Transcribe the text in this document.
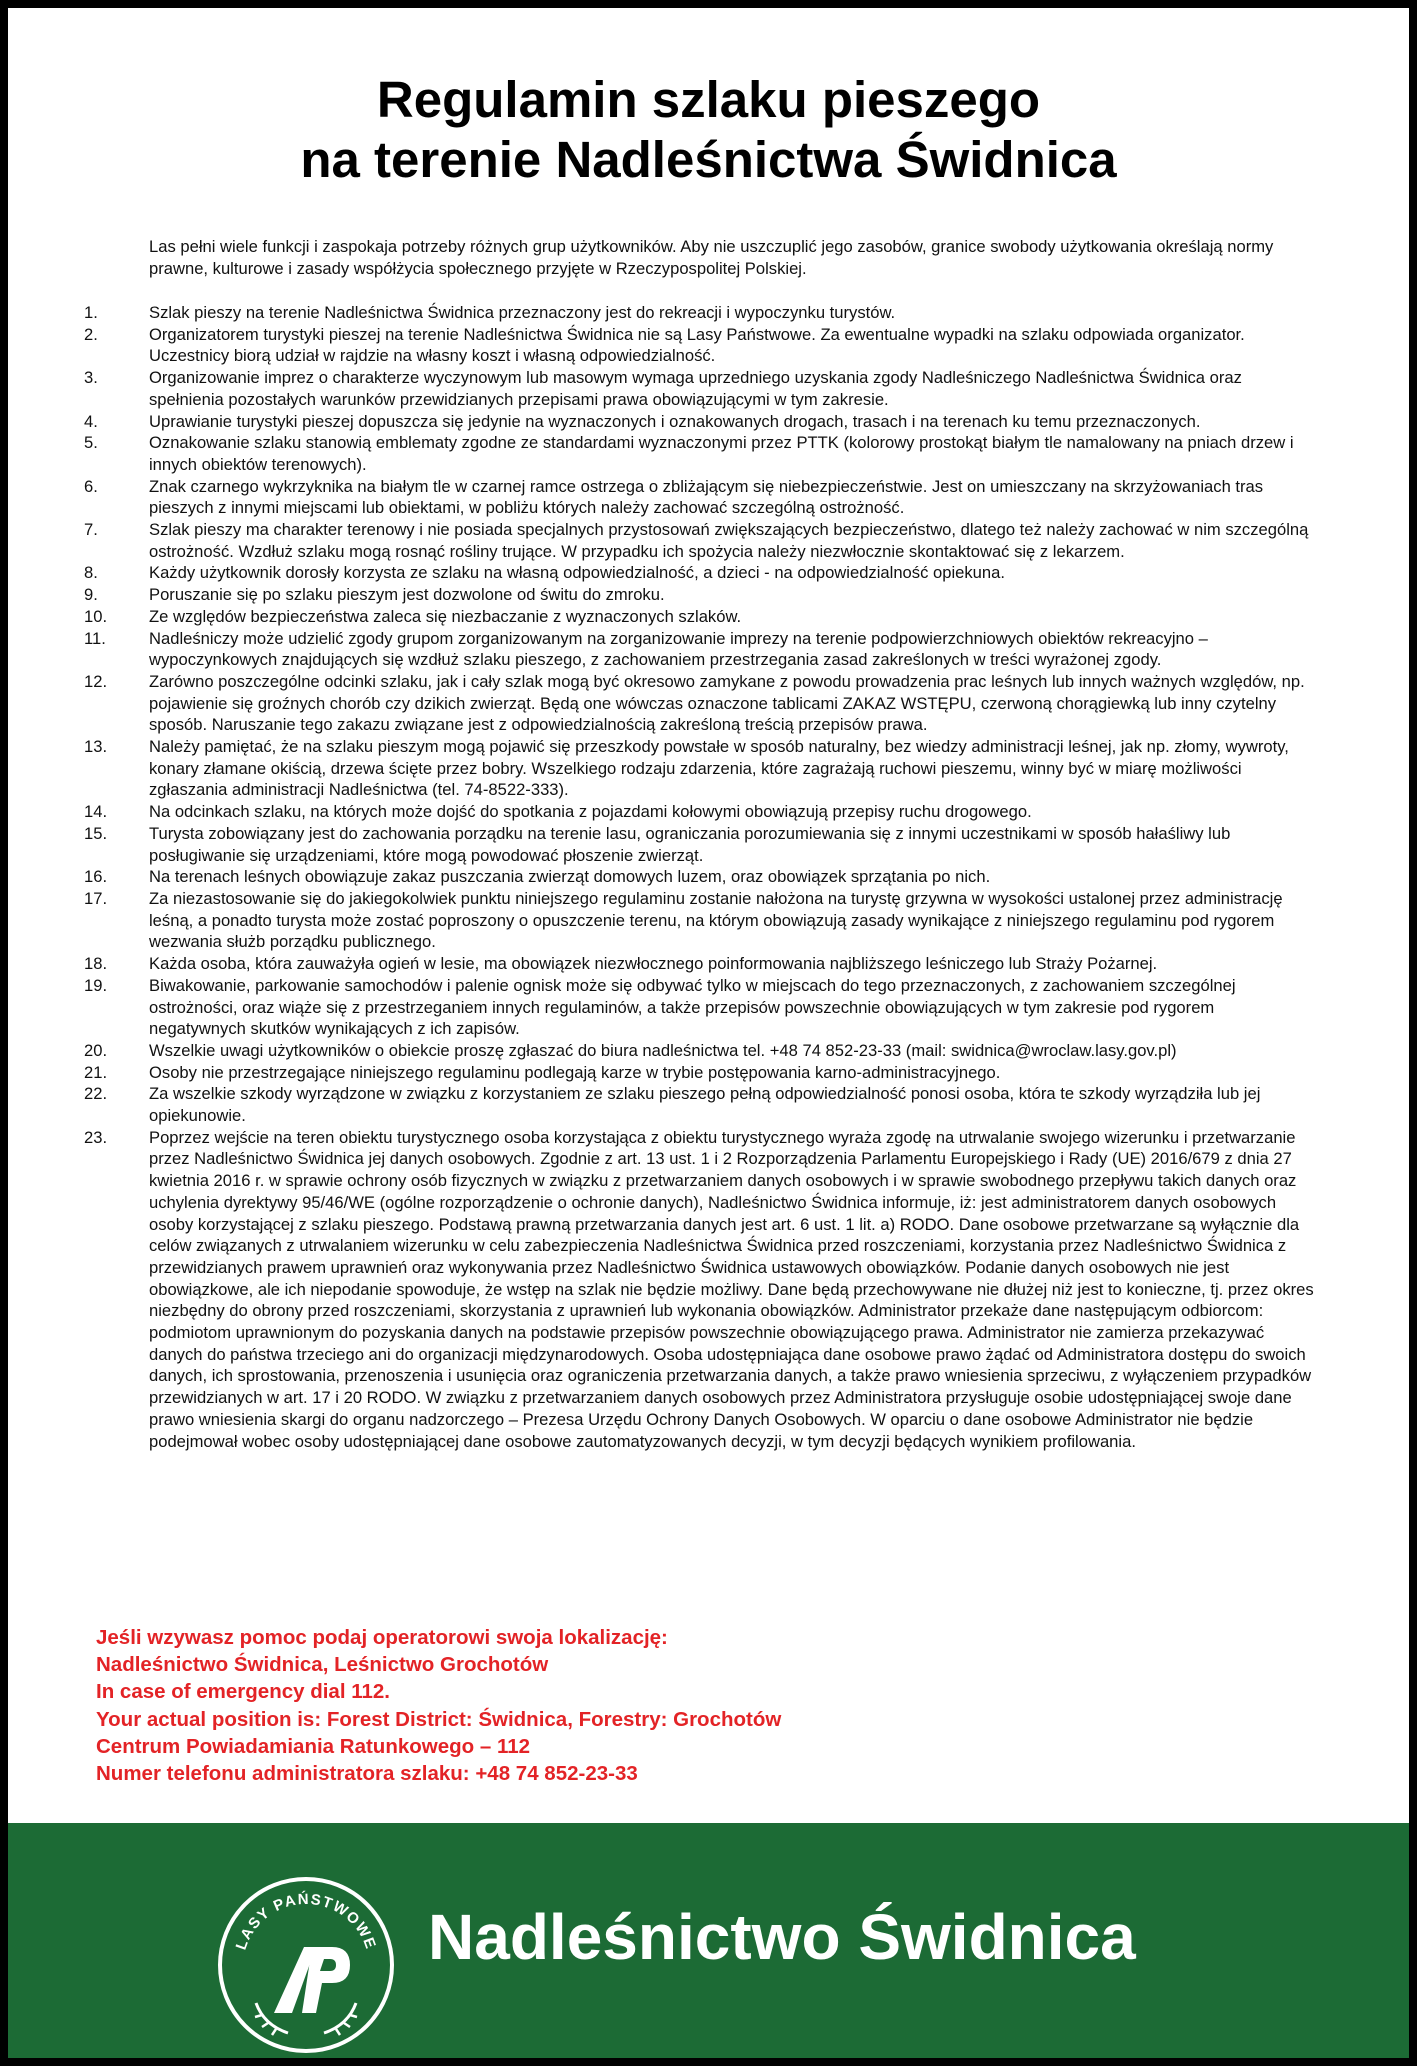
Regulamin szlaku pieszego
na terenie Nadleśnictwa Świdnica

Las pełni wiele funkcji i zaspokaja potrzeby różnych grup użytkowników. Aby nie uszczuplić jego zasobów, granice swobody użytkowania określają normy prawne, kulturowe i zasady współżycia społecznego przyjęte w Rzeczypospolitej Polskiej.

1.	Szlak pieszy na terenie Nadleśnictwa Świdnica przeznaczony jest do rekreacji i wypoczynku turystów.
2.	Organizatorem turystyki pieszej na terenie Nadleśnictwa Świdnica nie są Lasy Państwowe. Za ewentualne wypadki na szlaku odpowiada organizator. Uczestnicy biorą udział w rajdzie na własny koszt i własną odpowiedzialność.
3.	Organizowanie imprez o charakterze wyczynowym lub masowym wymaga uprzedniego uzyskania zgody Nadleśniczego Nadleśnictwa Świdnica oraz spełnienia pozostałych warunków przewidzianych przepisami prawa obowiązującymi w tym zakresie.
4.	Uprawianie turystyki pieszej dopuszcza się jedynie na wyznaczonych i oznakowanych drogach, trasach i na terenach ku temu przeznaczonych.
5.	Oznakowanie szlaku stanowią emblematy zgodne ze standardami wyznaczonymi przez PTTK (kolorowy prostokąt białym tle namalowany na pniach drzew i innych obiektów terenowych).
6.	Znak czarnego wykrzyknika na białym tle w czarnej ramce ostrzega o zbliżającym się niebezpieczeństwie. Jest on umieszczany na skrzyżowaniach tras pieszych z innymi miejscami lub obiektami, w pobliżu których należy zachować szczególną ostrożność.
7.	Szlak pieszy ma charakter terenowy i nie posiada specjalnych przystosowań zwiększających bezpieczeństwo, dlatego też należy zachować w nim szczególną ostrożność. Wzdłuż szlaku mogą rosnąć rośliny trujące. W przypadku ich spożycia należy niezwłocznie skontaktować się z lekarzem.
8.	Każdy użytkownik dorosły korzysta ze szlaku na własną odpowiedzialność, a dzieci - na odpowiedzialność opiekuna.
9.	Poruszanie się po szlaku pieszym jest dozwolone od świtu do zmroku.
10.	Ze względów bezpieczeństwa zaleca się niezbaczanie z wyznaczonych szlaków.
11.	Nadleśniczy może udzielić zgody grupom zorganizowanym na zorganizowanie imprezy na terenie podpowierzchniowych obiektów rekreacyjno – wypoczynkowych znajdujących się wzdłuż szlaku pieszego, z zachowaniem przestrzegania zasad zakreślonych w treści wyrażonej zgody.
12.	Zarówno poszczególne odcinki szlaku, jak i cały szlak mogą być okresowo zamykane z powodu prowadzenia prac leśnych lub innych ważnych względów, np. pojawienie się groźnych chorób czy dzikich zwierząt. Będą one wówczas oznaczone tablicami ZAKAZ WSTĘPU, czerwoną chorągiewką lub inny czytelny sposób. Naruszanie tego zakazu związane jest z odpowiedzialnością zakreśloną treścią przepisów prawa.
13.	Należy pamiętać, że na szlaku pieszym mogą pojawić się przeszkody powstałe w sposób naturalny, bez wiedzy administracji leśnej, jak np. złomy, wywroty, konary złamane okiścią, drzewa ścięte przez bobry. Wszelkiego rodzaju zdarzenia, które zagrażają ruchowi pieszemu, winny być w miarę możliwości zgłaszania administracji Nadleśnictwa (tel. 74-8522-333).
14.	Na odcinkach szlaku, na których może dojść do spotkania z pojazdami kołowymi obowiązują przepisy ruchu drogowego.
15.	Turysta zobowiązany jest do zachowania porządku na terenie lasu, ograniczania porozumiewania się z innymi uczestnikami w sposób hałaśliwy lub posługiwanie się urządzeniami, które mogą powodować płoszenie zwierząt.
16.	Na terenach leśnych obowiązuje zakaz puszczania zwierząt domowych luzem, oraz obowiązek sprzątania po nich.
17.	Za niezastosowanie się do jakiegokolwiek punktu niniejszego regulaminu zostanie nałożona na turystę grzywna w wysokości ustalonej przez administrację leśną, a ponadto turysta może zostać poproszony o opuszczenie terenu, na którym obowiązują zasady wynikające z niniejszego regulaminu pod rygorem wezwania służb porządku publicznego.
18.	Każda osoba, która zauważyła ogień w lesie, ma obowiązek niezwłocznego poinformowania najbliższego leśniczego lub Straży Pożarnej.
19.	Biwakowanie, parkowanie samochodów i palenie ognisk może się odbywać tylko w miejscach do tego przeznaczonych, z zachowaniem szczególnej ostrożności, oraz wiąże się z przestrzeganiem innych regulaminów, a także przepisów powszechnie obowiązujących w tym zakresie pod rygorem negatywnych skutków wynikających z ich zapisów.
20.	Wszelkie uwagi użytkowników o obiekcie proszę zgłaszać do biura nadleśnictwa tel. +48 74 852-23-33 (mail: swidnica@wroclaw.lasy.gov.pl)
21.	Osoby nie przestrzegające niniejszego regulaminu podlegają karze w trybie postępowania karno-administracyjnego.
22.	Za wszelkie szkody wyrządzone w związku z korzystaniem ze szlaku pieszego pełną odpowiedzialność ponosi osoba, która te szkody wyrządziła lub jej opiekunowie.
23.	Poprzez wejście na teren obiektu turystycznego osoba korzystająca z obiektu turystycznego wyraża zgodę na utrwalanie swojego wizerunku i przetwarzanie przez Nadleśnictwo Świdnica jej danych osobowych. Zgodnie z art. 13 ust. 1 i 2 Rozporządzenia Parlamentu Europejskiego i Rady (UE) 2016/679 z dnia 27 kwietnia 2016 r. w sprawie ochrony osób fizycznych w związku z przetwarzaniem danych osobowych i w sprawie swobodnego przepływu takich danych oraz uchylenia dyrektywy 95/46/WE (ogólne rozporządzenie o ochronie danych), Nadleśnictwo Świdnica informuje, iż: jest administratorem danych osobowych osoby korzystającej z szlaku pieszego. Podstawą prawną przetwarzania danych jest art. 6 ust. 1 lit. a) RODO. Dane osobowe przetwarzane są wyłącznie dla celów związanych z utrwalaniem wizerunku w celu zabezpieczenia Nadleśnictwa Świdnica przed roszczeniami, korzystania przez Nadleśnictwo Świdnica z przewidzianych prawem uprawnień oraz wykonywania przez Nadleśnictwo Świdnica ustawowych obowiązków. Podanie danych osobowych nie jest obowiązkowe, ale ich niepodanie spowoduje, że wstęp na szlak nie będzie możliwy. Dane będą przechowywane nie dłużej niż jest to konieczne, tj. przez okres niezbędny do obrony przed roszczeniami, skorzystania z uprawnień lub wykonania obowiązków. Administrator przekaże dane następującym odbiorcom: podmiotom uprawnionym do pozyskania danych na podstawie przepisów powszechnie obowiązującego prawa. Administrator nie zamierza przekazywać danych do państwa trzeciego ani do organizacji międzynarodowych. Osoba udostępniająca dane osobowe prawo żądać od Administratora dostępu do swoich danych, ich sprostowania, przenoszenia i usunięcia oraz ograniczenia przetwarzania danych, a także prawo wniesienia sprzeciwu, z wyłączeniem przypadków przewidzianych w art. 17 i 20 RODO. W związku z przetwarzaniem danych osobowych przez Administratora przysługuje osobie udostępniającej swoje dane prawo wniesienia skargi do organu nadzorczego – Prezesa Urzędu Ochrony Danych Osobowych. W oparciu o dane osobowe Administrator nie będzie podejmował wobec osoby udostępniającej dane osobowe zautomatyzowanych decyzji, w tym decyzji będących wynikiem profilowania.
Jeśli wzywasz pomoc podaj operatorowi swoja lokalizację:
Nadleśnictwo Świdnica, Leśnictwo Grochotów
In case of emergency dial 112.
Your actual position is: Forest District: Świdnica, Forestry: Grochotów
Centrum Powiadamiania Ratunkowego – 112
Numer telefonu administratora szlaku: +48 74 852-23-33
LASY PAŃSTWOWE
LP
Nadleśnictwo Świdnica
